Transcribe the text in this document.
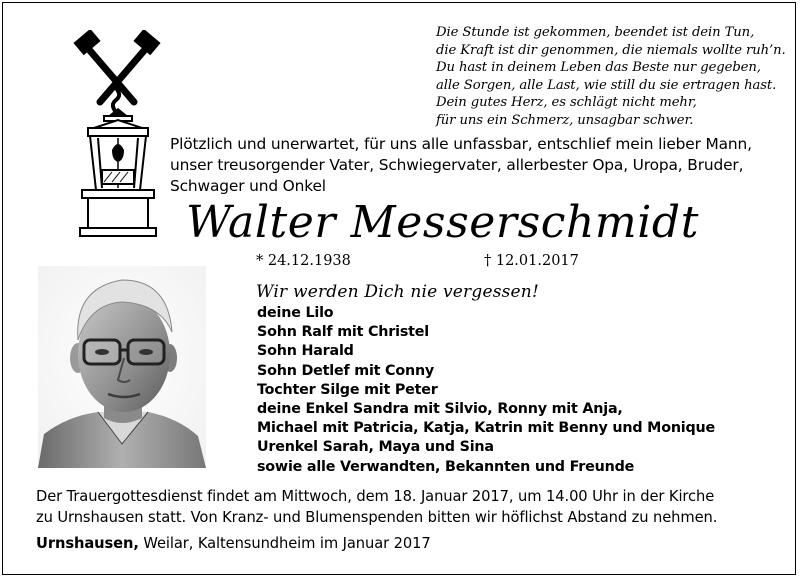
Die Stunde ist gekommen, beendet ist dein Tun,
die Kraft ist dir genommen, die niemals wollte ruh’n.
Du hast in deinem Leben das Beste nur gegeben,
alle Sorgen, alle Last, wie still du sie ertragen hast.
Dein gutes Herz, es schlägt nicht mehr,
für uns ein Schmerz, unsagbar schwer.
Plötzlich und unerwartet, für uns alle unfassbar, entschlief mein lieber Mann,
unser treusorgender Vater, Schwiegervater, allerbester Opa, Uropa, Bruder,
Schwager und Onkel
Walter Messerschmidt
* 24.12.1938	† 12.01.2017
Wir werden Dich nie vergessen!
deine Lilo
Sohn Ralf mit Christel
Sohn Harald
Sohn Detlef mit Conny
Tochter Silge mit Peter
deine Enkel Sandra mit Silvio, Ronny mit Anja,
Michael mit Patricia, Katja, Katrin mit Benny und Monique
Urenkel Sarah, Maya und Sina
sowie alle Verwandten, Bekannten und Freunde
Der Trauergottesdienst findet am Mittwoch, dem 18. Januar 2017, um 14.00 Uhr in der Kirche
zu Urnshausen statt. Von Kranz- und Blumenspenden bitten wir höflichst Abstand zu nehmen.
Urnshausen, Weilar, Kaltensundheim im Januar 2017
